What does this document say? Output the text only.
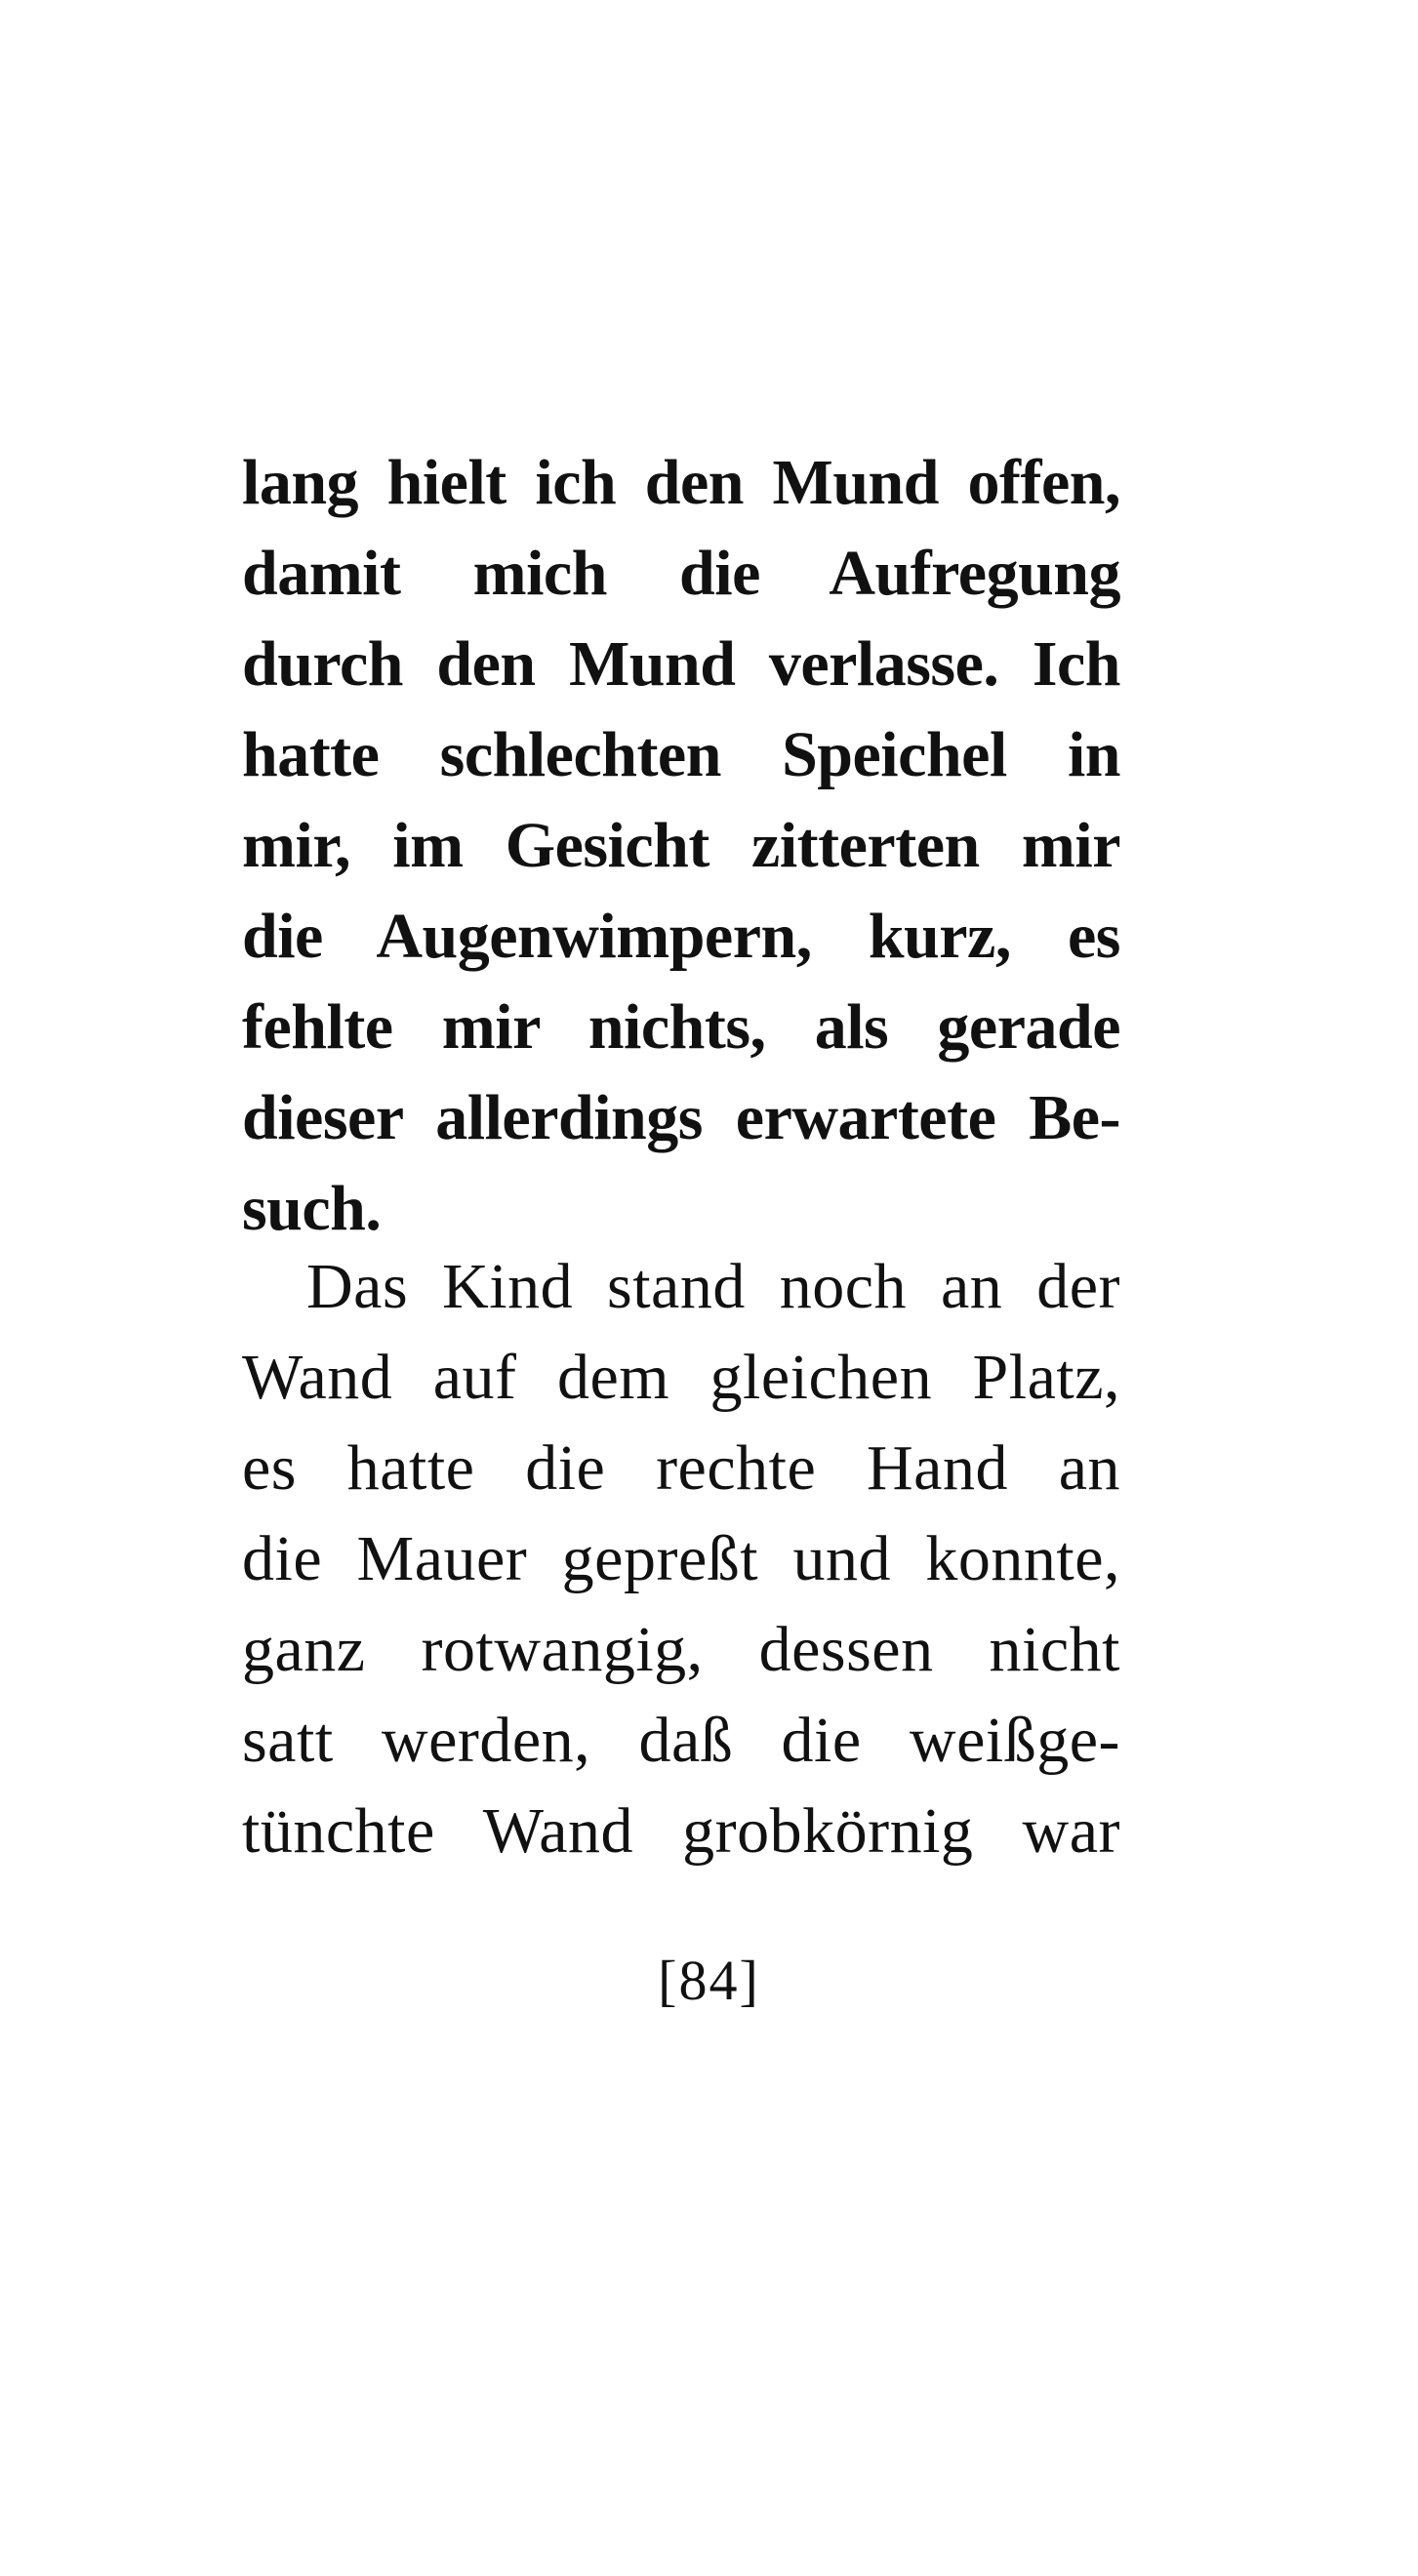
lang hielt ich den Mund offen,
damit mich die Aufregung
durch den Mund verlasse. Ich
hatte schlechten Speichel in
mir, im Gesicht zitterten mir
die Augenwimpern, kurz, es
fehlte mir nichts, als gerade
dieser allerdings erwartete Be-
such.
Das Kind stand noch an der
Wand auf dem gleichen Platz,
es hatte die rechte Hand an
die Mauer gepreßt und konnte,
ganz rotwangig, dessen nicht
satt werden, daß die weißge-
tünchte Wand grobkörnig war
[84]
